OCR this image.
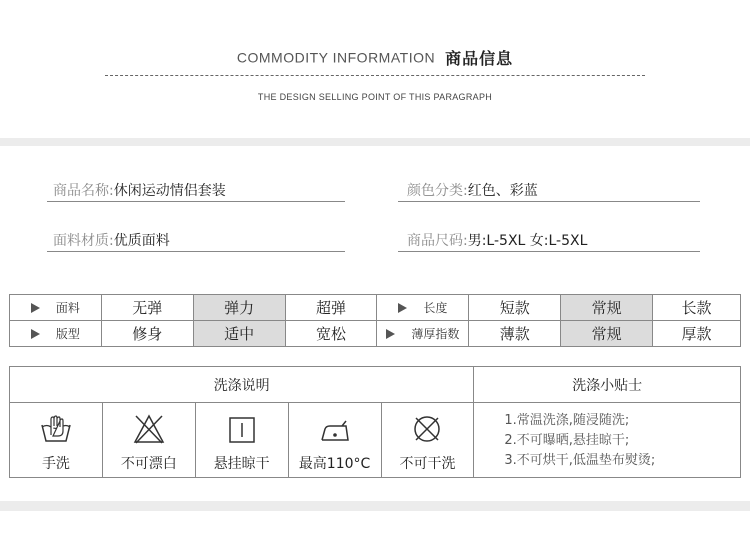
COMMODITY INFORMATION 商品信息
THE DESIGN SELLING POINT OF THIS PARAGRAPH
商品名称:休闲运动情侣套装	颜色分类:红色、彩蓝
面料材质:优质面料	商品尺码:男:L-5XL 女:L-5XL
面料	无弹	弹力	超弹	长度	短款	常规	长款
版型	修身	适中	宽松	薄厚指数	薄款	常规	厚款
洗涤说明					洗涤小贴士

手洗	不可漂白	悬挂晾干	最高110°C	不可干洗	1.常温洗涤,随浸随洗;
2.不可曝晒,悬挂晾干;
3.不可烘干,低温垫布熨烫;
